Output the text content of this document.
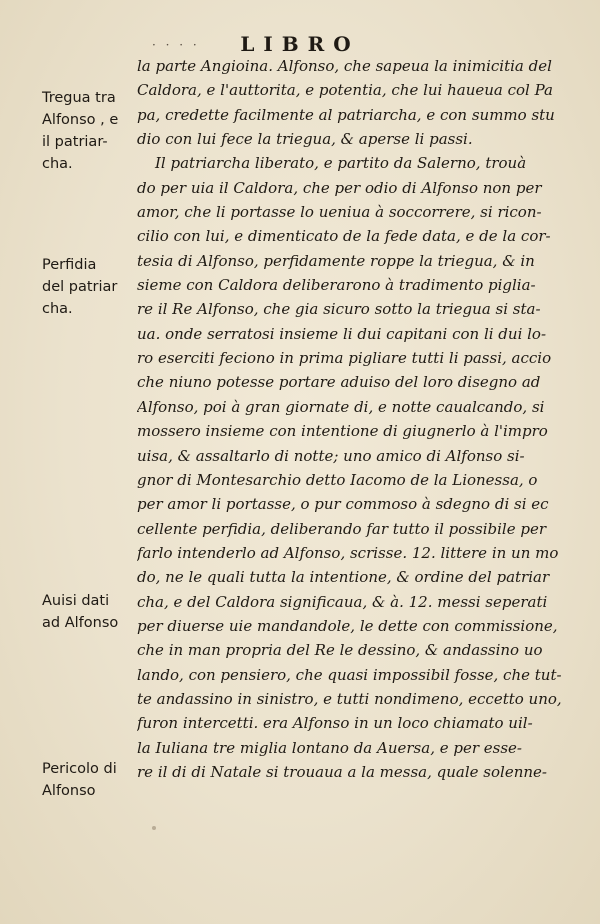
· · · ·	LIBRO
Tregua tra
Alfonso , e
il patriar-
cha.
Perfidia
del patriar
cha.
Auisi dati
ad Alfonso
Pericolo di
Alfonso
la parte Angioina. Alfonso, che sapeua la inimicitia del
Caldora, e l'auttorita, e potentia, che lui haueua col Pa
pa, credette facilmente al patriarcha, e con summo stu
dio con lui fece la triegua, & aperse li passi.
Il patriarcha liberato, e partito da Salerno, trouà
do per uia il Caldora, che per odio di Alfonso non per
amor, che li portasse lo ueniua à soccorrere, si ricon-
cilio con lui, e dimenticato de la fede data, e de la cor-
tesia di Alfonso, perfidamente roppe la triegua, & in
sieme con Caldora deliberarono à tradimento piglia-
re il Re Alfonso, che gia sicuro sotto la triegua si sta-
ua. onde serratosi insieme li dui capitani con li dui lo-
ro eserciti feciono in prima pigliare tutti li passi, accio
che niuno potesse portare aduiso del loro disegno ad
Alfonso, poi à gran giornate di, e notte caualcando, si
mossero insieme con intentione di giugnerlo à l'impro
uisa, & assaltarlo di notte; uno amico di Alfonso si-
gnor di Montesarchio detto Iacomo de la Lionessa, o
per amor li portasse, o pur commoso à sdegno di si ec
cellente perfidia, deliberando far tutto il possibile per
farlo intenderlo ad Alfonso, scrisse. 12. littere in un mo
do, ne le quali tutta la intentione, & ordine del patriar
cha, e del Caldora significaua, & à. 12. messi seperati
per diuerse uie mandandole, le dette con commissione,
che in man propria del Re le dessino, & andassino uo
lando, con pensiero, che quasi impossibil fosse, che tut-
te andassino in sinistro, e tutti nondimeno, eccetto uno,
furon intercetti. era Alfonso in un loco chiamato uil-
la Iuliana tre miglia lontano da Auersa, e per esse-
re il di di Natale si trouaua a la messa, quale solenne-
